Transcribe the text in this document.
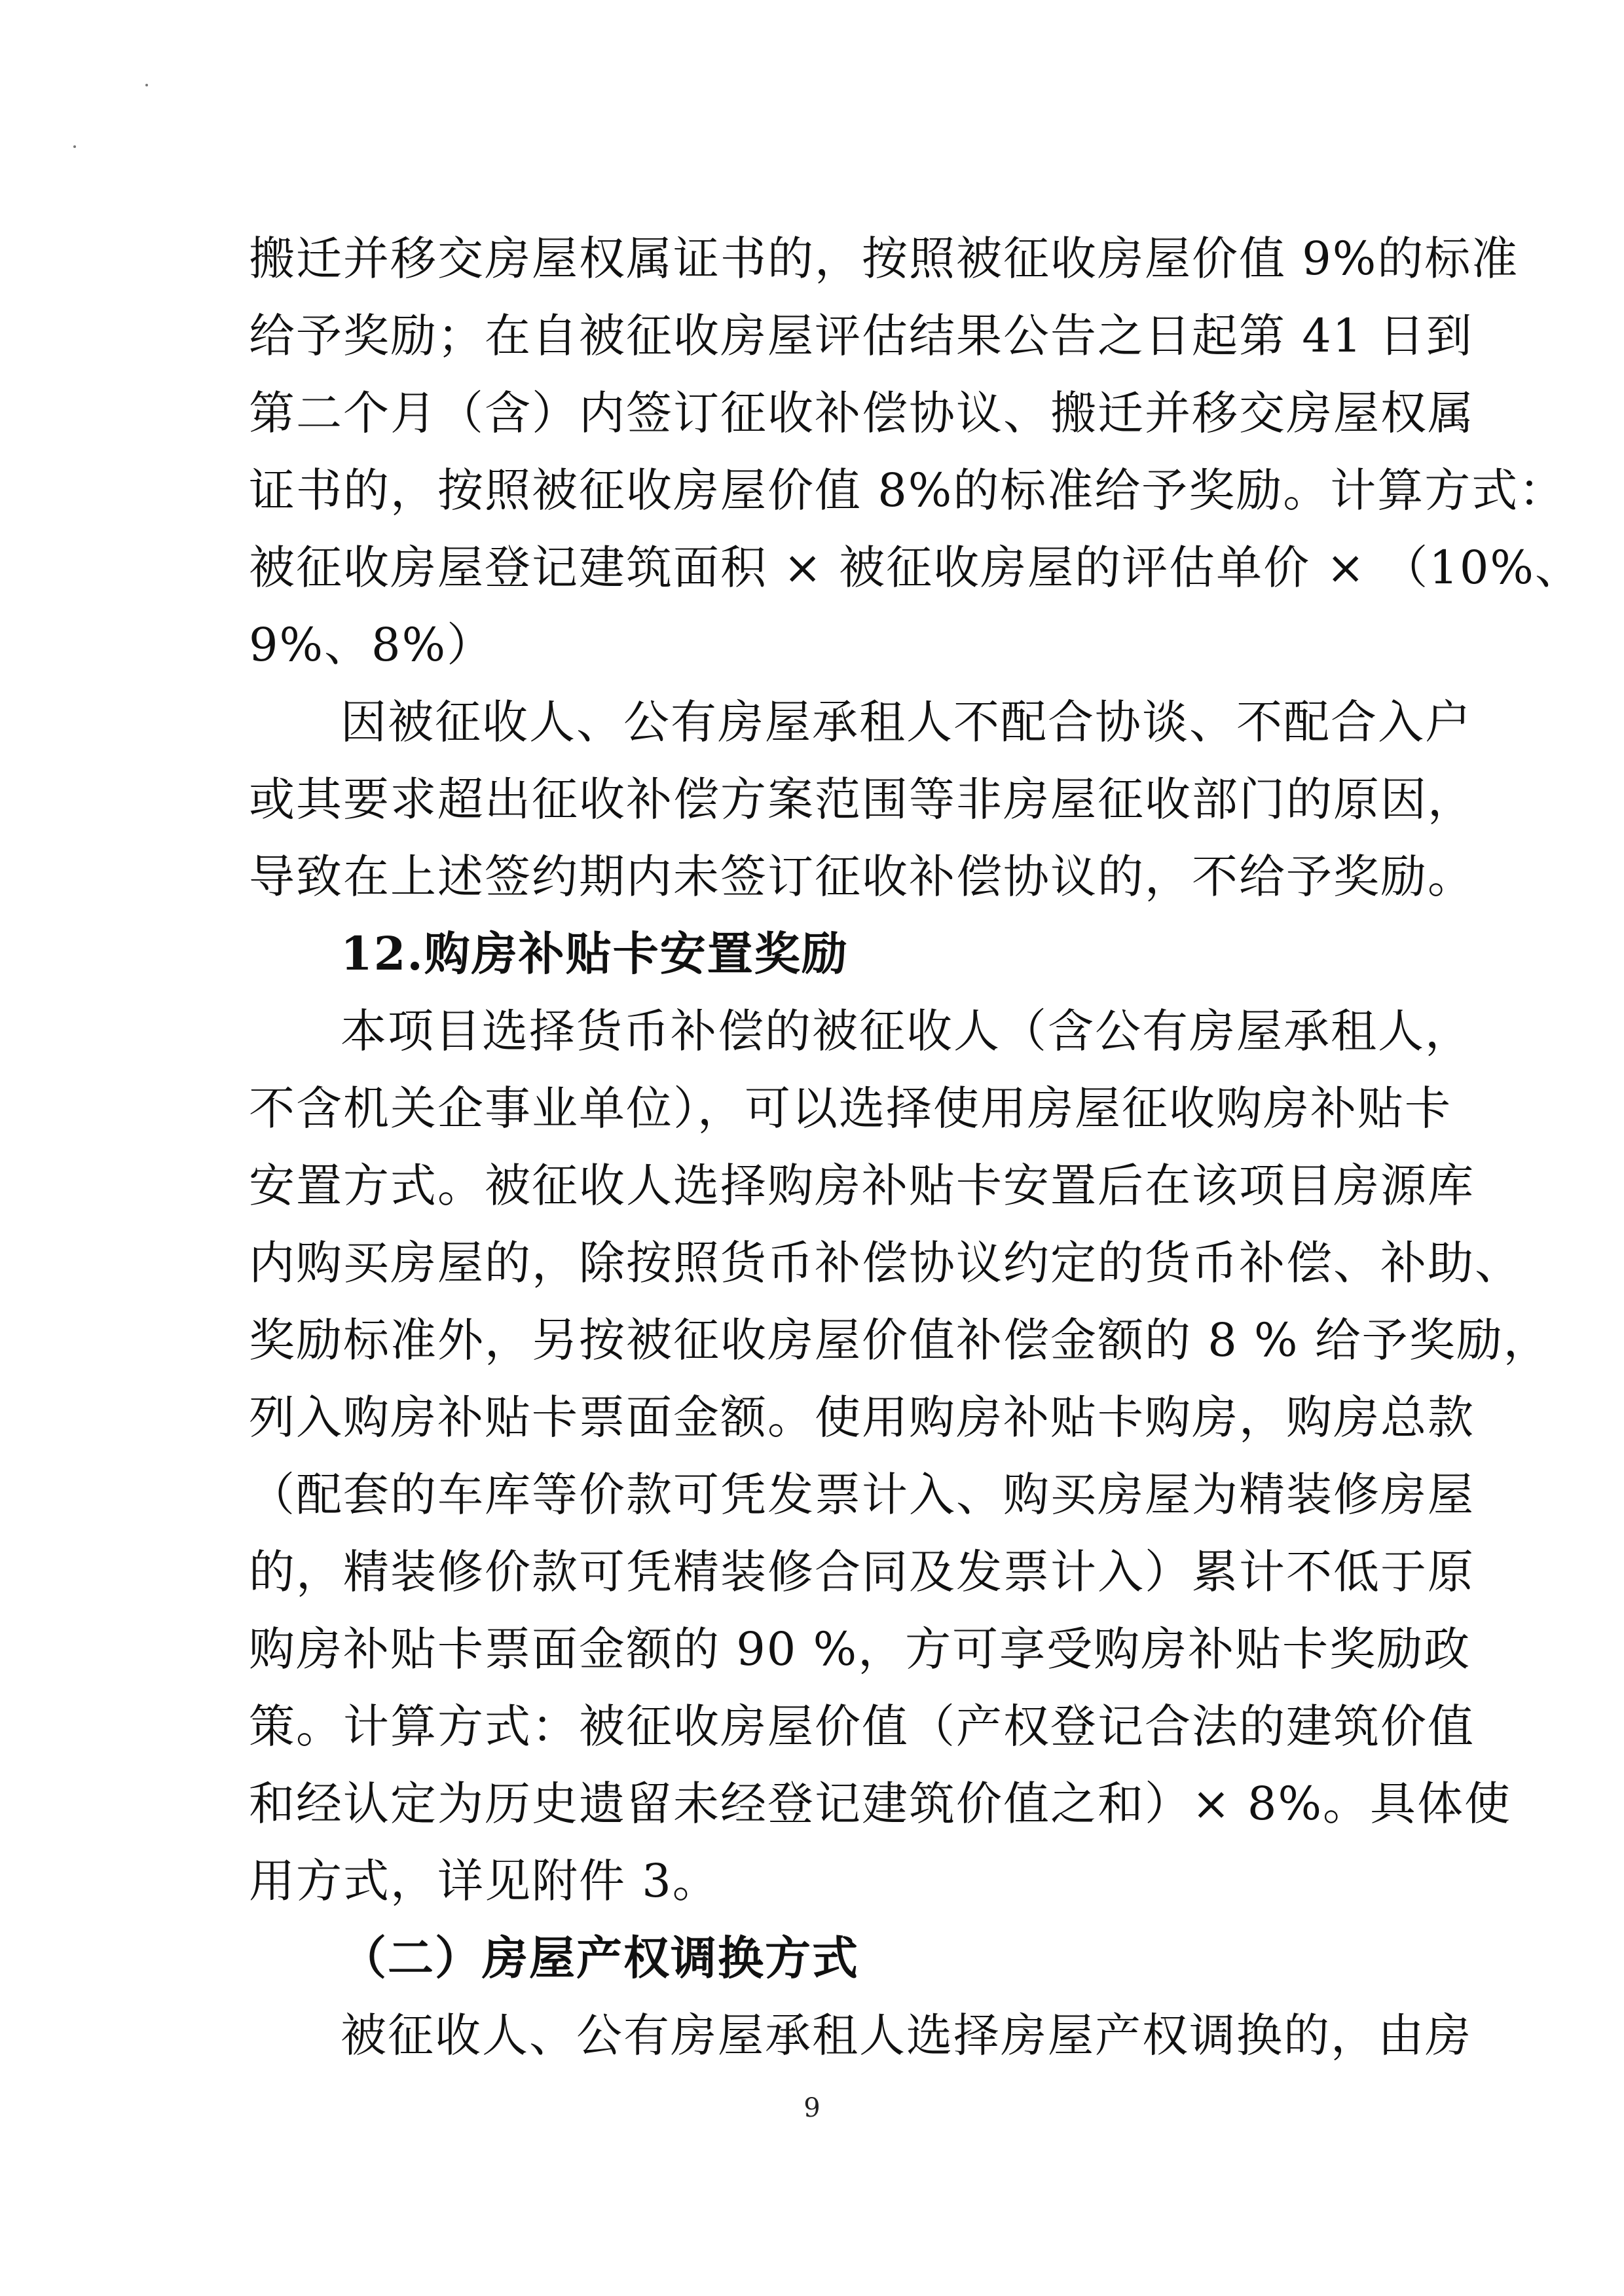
搬迁并移交房屋权属证书的，按照被征收房屋价值 9%的标准
给予奖励；在自被征收房屋评估结果公告之日起第 41 日到
第二个月（含）内签订征收补偿协议、搬迁并移交房屋权属
证书的，按照被征收房屋价值 8%的标准给予奖励。计算方式：
被征收房屋登记建筑面积 × 被征收房屋的评估单价 × （10%、
9%、8%）
因被征收人、公有房屋承租人不配合协谈、不配合入户
或其要求超出征收补偿方案范围等非房屋征收部门的原因，
导致在上述签约期内未签订征收补偿协议的，不给予奖励。
12.购房补贴卡安置奖励
本项目选择货币补偿的被征收人（含公有房屋承租人，
不含机关企事业单位），可以选择使用房屋征收购房补贴卡
安置方式。被征收人选择购房补贴卡安置后在该项目房源库
内购买房屋的，除按照货币补偿协议约定的货币补偿、补助、
奖励标准外，另按被征收房屋价值补偿金额的 8 % 给予奖励，
列入购房补贴卡票面金额。使用购房补贴卡购房，购房总款
（配套的车库等价款可凭发票计入、购买房屋为精装修房屋
的，精装修价款可凭精装修合同及发票计入）累计不低于原
购房补贴卡票面金额的 90 %，方可享受购房补贴卡奖励政
策。计算方式：被征收房屋价值（产权登记合法的建筑价值
和经认定为历史遗留未经登记建筑价值之和）× 8%。具体使
用方式，详见附件 3。
（二）房屋产权调换方式
被征收人、公有房屋承租人选择房屋产权调换的，由房
9
